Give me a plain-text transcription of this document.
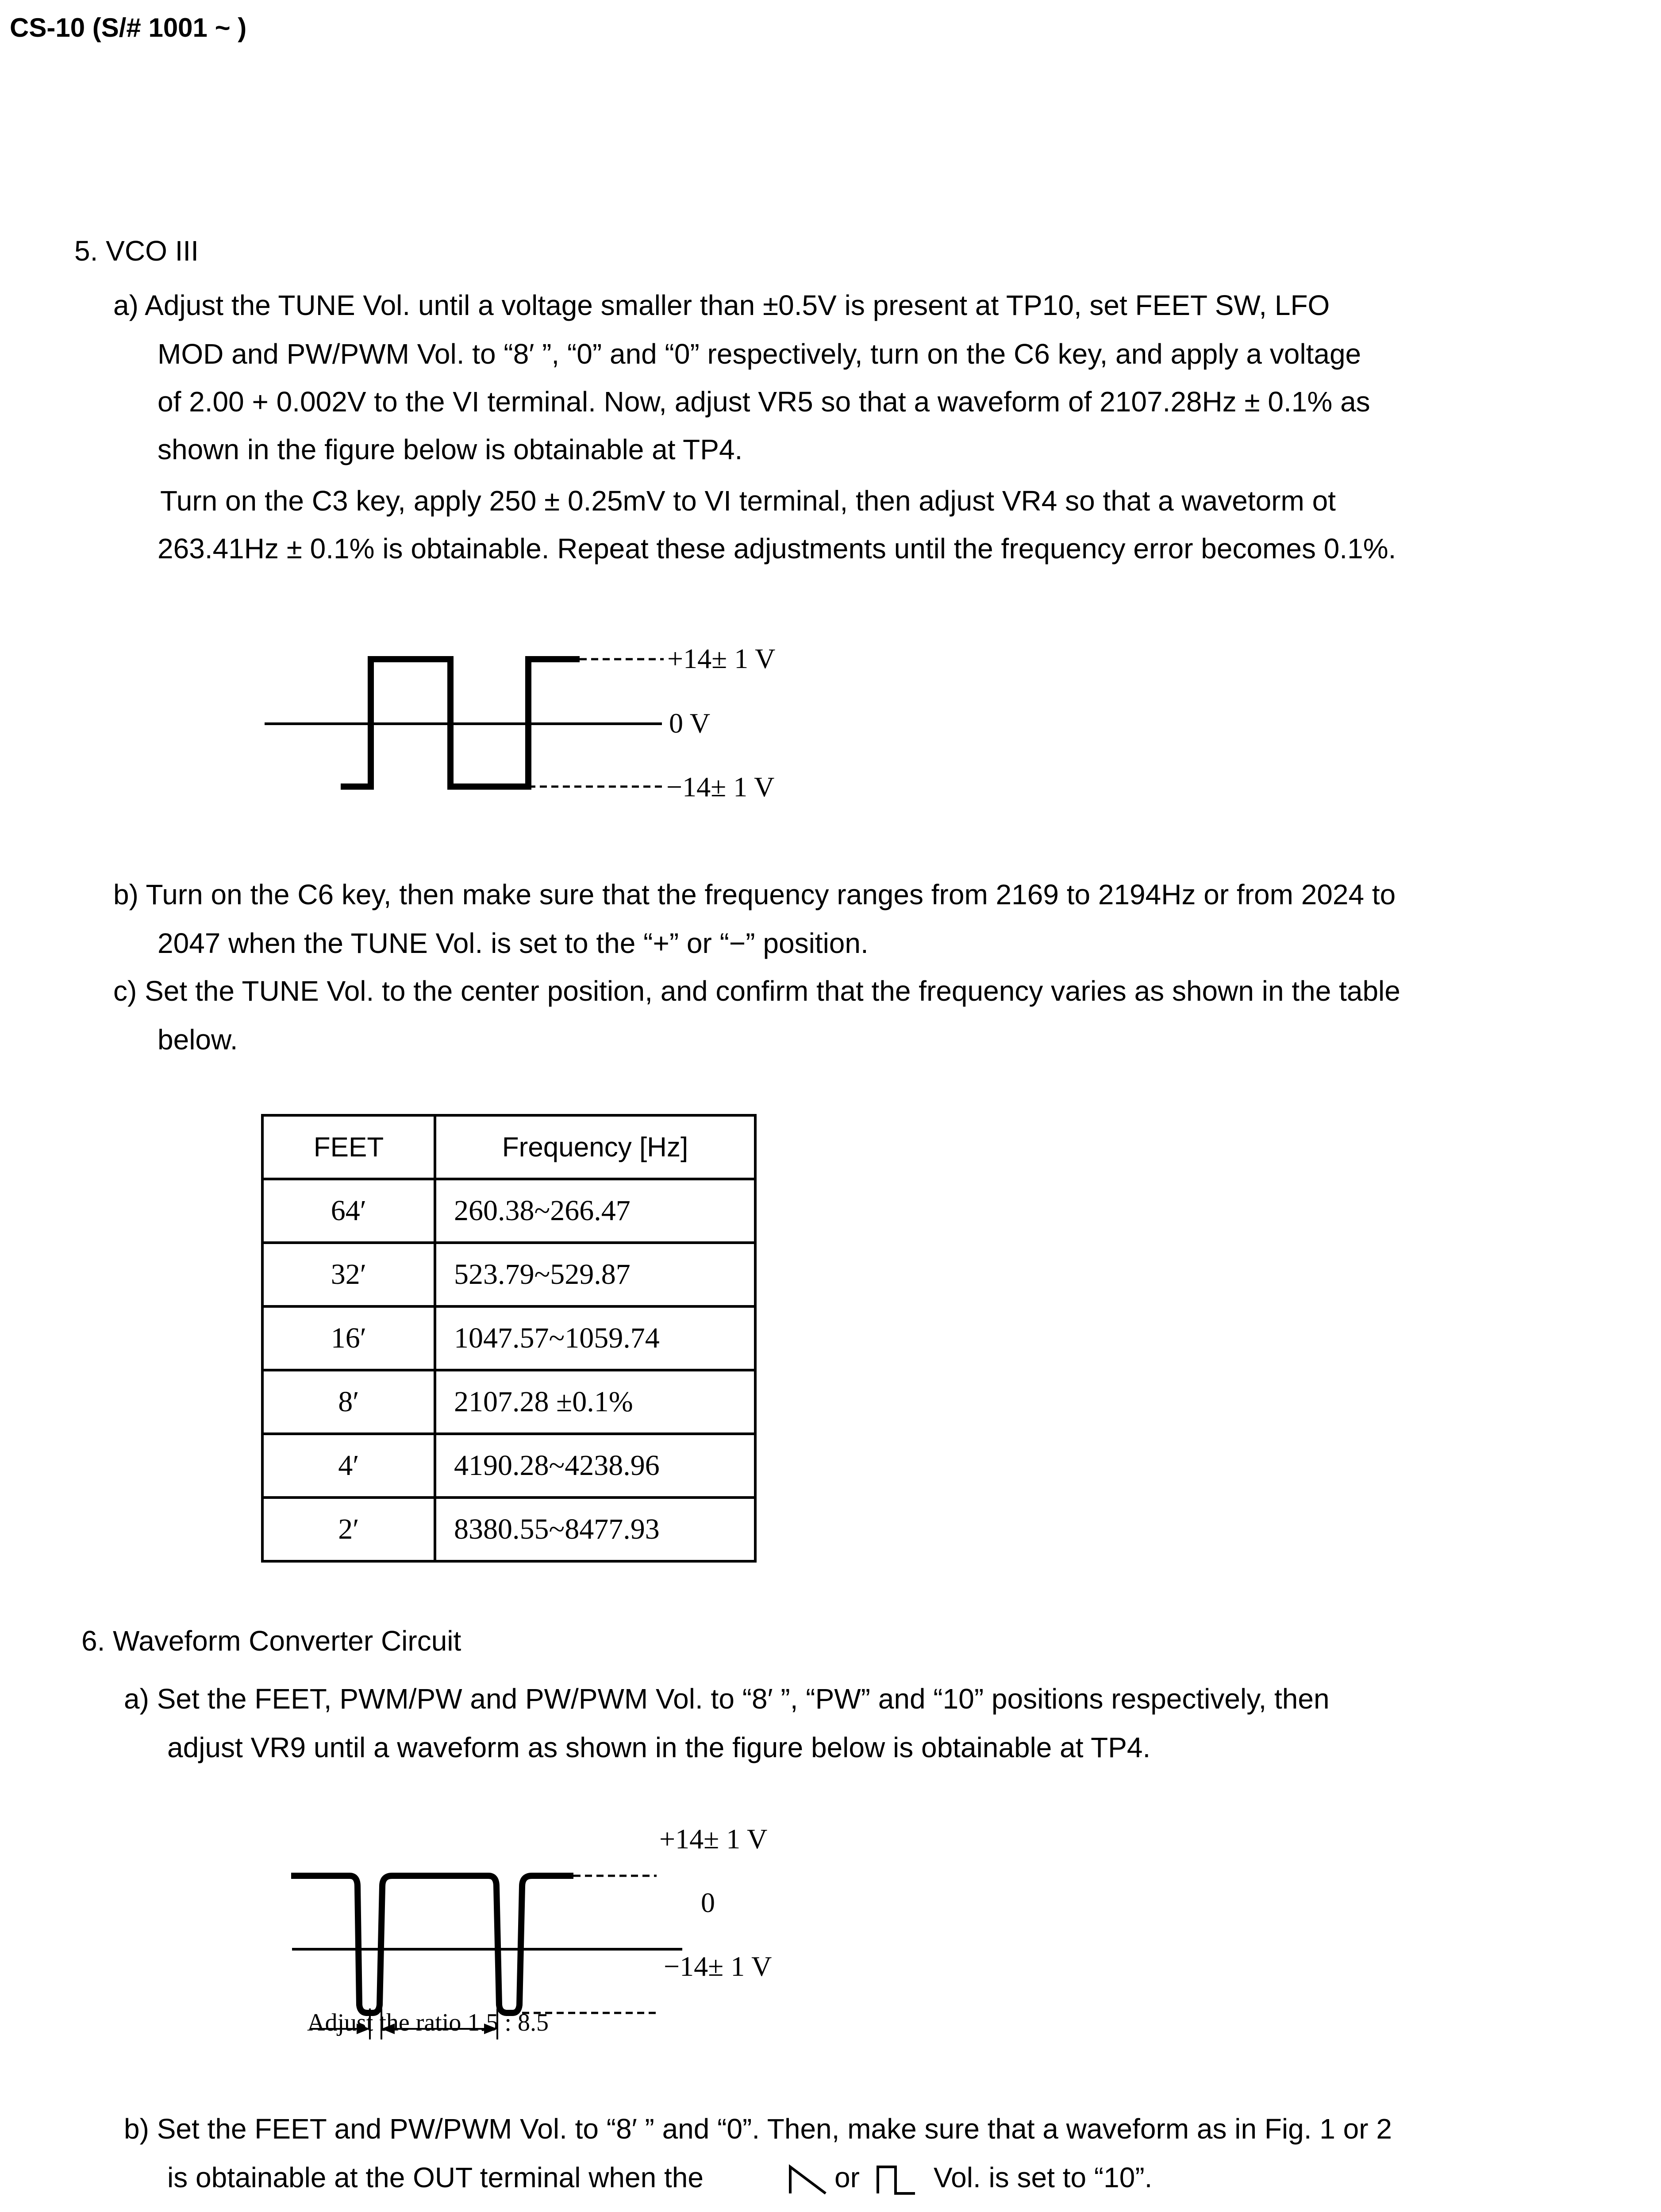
CS-10 (S/# 1001 ~ )
5. VCO III
a) Adjust the TUNE Vol. until a voltage smaller than ±0.5V is present at TP10, set FEET SW, LFO
MOD and PW/PWM Vol. to “8′ ”, “0” and “0” respectively, turn on the C6 key, and apply a voltage
of 2.00 + 0.002V to the VI terminal. Now, adjust VR5 so that a waveform of 2107.28Hz ± 0.1% as
shown in the figure below is obtainable at TP4.
Turn on the C3 key, apply 250 ± 0.25mV to VI terminal, then adjust VR4 so that a wavetorm ot
263.41Hz ± 0.1% is obtainable. Repeat these adjustments until the frequency error becomes 0.1%.
+14± 1 V
0 V
−14± 1 V
b) Turn on the C6 key, then make sure that the frequency ranges from 2169 to 2194Hz or from 2024 to
2047 when the TUNE Vol. is set to the “+” or “−” position.
c) Set the TUNE Vol. to the center position, and confirm that the frequency varies as shown in the table
below.
FEET	Frequency [Hz]
64′	260.38~266.47
32′	523.79~529.87
16′	1047.57~1059.74
8′	2107.28 ±0.1%
4′	4190.28~4238.96
2′	8380.55~8477.93
6. Waveform Converter Circuit
a) Set the FEET, PWM/PW and PW/PWM Vol. to “8′ ”, “PW” and “10” positions respectively, then
adjust VR9 until a waveform as shown in the figure below is obtainable at TP4.
+14± 1 V
0
−14± 1 V
Adjust the ratio 1.5 : 8.5
b) Set the FEET and PW/PWM Vol. to “8′ ” and “0”. Then, make sure that a waveform as in Fig. 1 or 2
is obtainable at the OUT terminal when the	or	Vol. is set to “10”.
